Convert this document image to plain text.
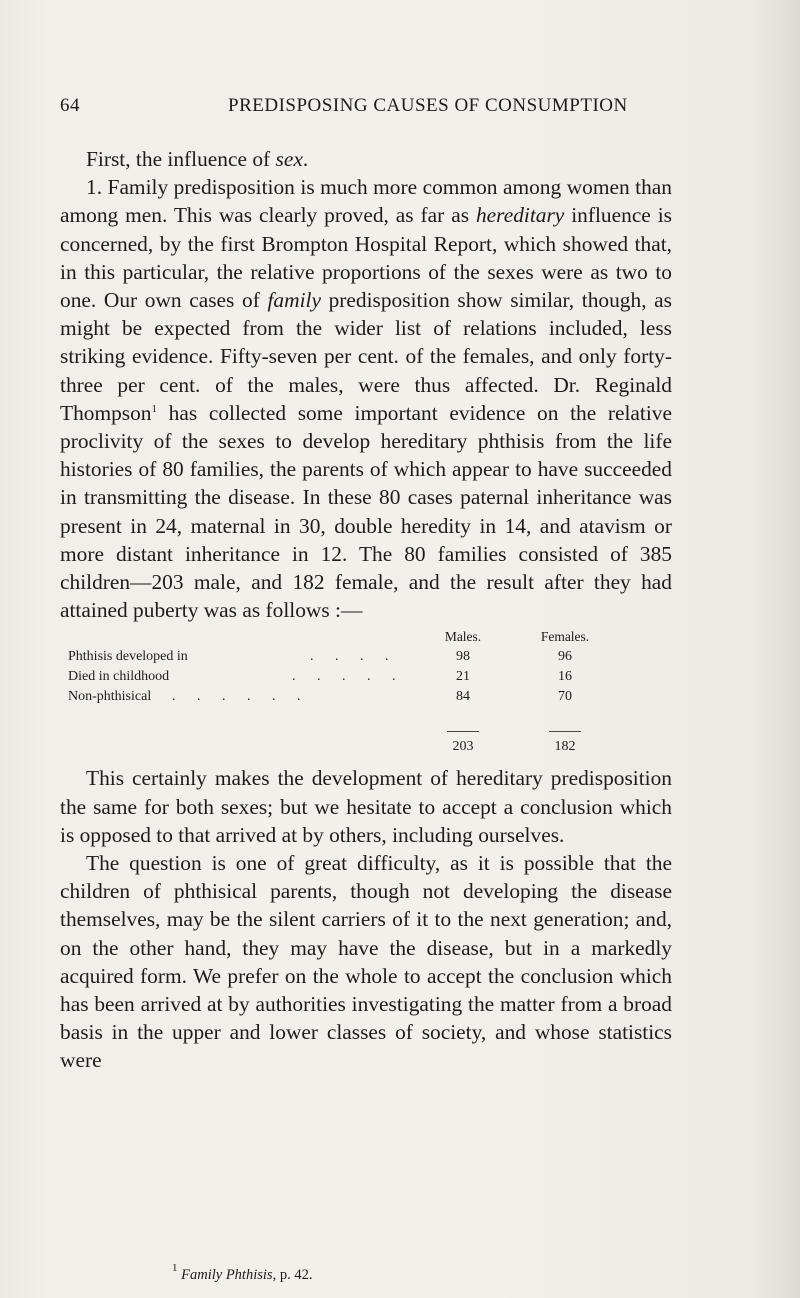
64	PREDISPOSING CAUSES OF CONSUMPTION

First, the influence of sex.

1. Family predisposition is much more common among women than among men. This was clearly proved, as far as hereditary influence is concerned, by the first Brompton Hospital Report, which showed that, in this particular, the relative proportions of the sexes were as two to one. Our own cases of family predisposition show similar, though, as might be expected from the wider list of relations included, less striking evidence. Fifty-seven per cent. of the females, and only forty-three per cent. of the males, were thus affected. Dr. Reginald Thompson$^1$ has collected some important evidence on the relative proclivity of the sexes to develop hereditary phthisis from the life histories of 80 families, the parents of which appear to have succeeded in transmitting the disease. In these 80 cases paternal inheritance was present in 24, maternal in 30, double heredity in 14, and atavism or more distant inheritance in 12. The 80 families consisted of 385 children—203 male, and 182 female, and the result after they had attained puberty was as follows :—

Males.	Females.
Phthisis developed in	. . . .	98	96
Died in childhood	. . . . .	21	16
Non-phthisical . . . . . .	84	70
203	182

This certainly makes the development of hereditary predisposition the same for both sexes; but we hesitate to accept a conclusion which is opposed to that arrived at by others, including ourselves.

The question is one of great difficulty, as it is possible that the children of phthisical parents, though not developing the disease themselves, may be the silent carriers of it to the next generation; and, on the other hand, they may have the disease, but in a markedly acquired form. We prefer on the whole to accept the conclusion which has been arrived at by authorities investigating the matter from a broad basis in the upper and lower classes of society, and whose statistics were

$^1$ Family Phthisis, p. 42.
